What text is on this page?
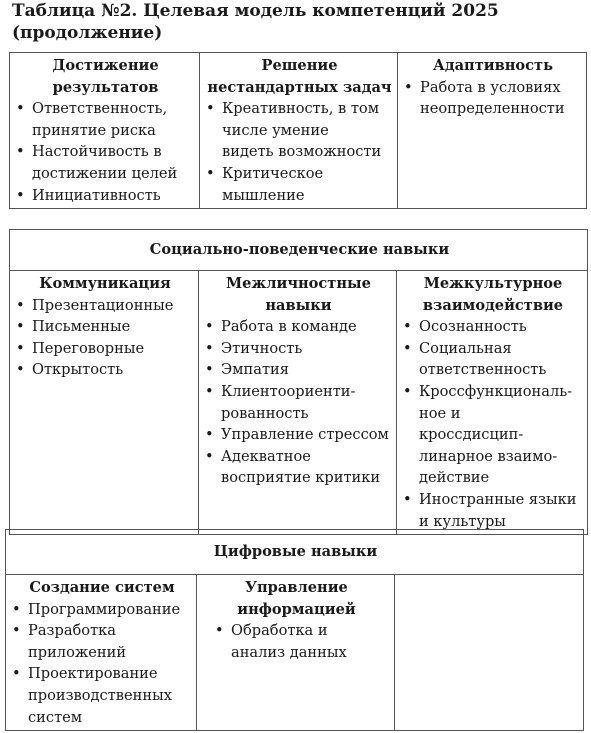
Таблица №2. Целевая модель компетенций 2025
(продолжение)
Достижение
результатов
• Ответственность, принятие риска
• Настойчивость в достижении целей
• Инициативность

Решение
нестандартных задач
• Креативность, в том числе умение видеть возможности
• Критическое мышление

Адаптивность
• Работа в условиях неопределенности
Социально-поведенческие навыки

Коммуникация
• Презентационные
• Письменные
• Переговорные
• Открытость

Межличностные
навыки
• Работа в команде
• Этичность
• Эмпатия
• Клиентоориенти-рованность
• Управление стрессом
• Адекватное восприятие критики

Межкультурное
взаимодействие
• Осознанность
• Социальная ответственность
• Кроссфункциональ-ное и кроссдисцип-линарное взаимо-действие
• Иностранные языки и культуры
Цифровые навыки

Создание систем
• Программирование
• Разработка приложений
• Проектирование производственных систем

Управление
информацией
• Обработка и анализ данных
